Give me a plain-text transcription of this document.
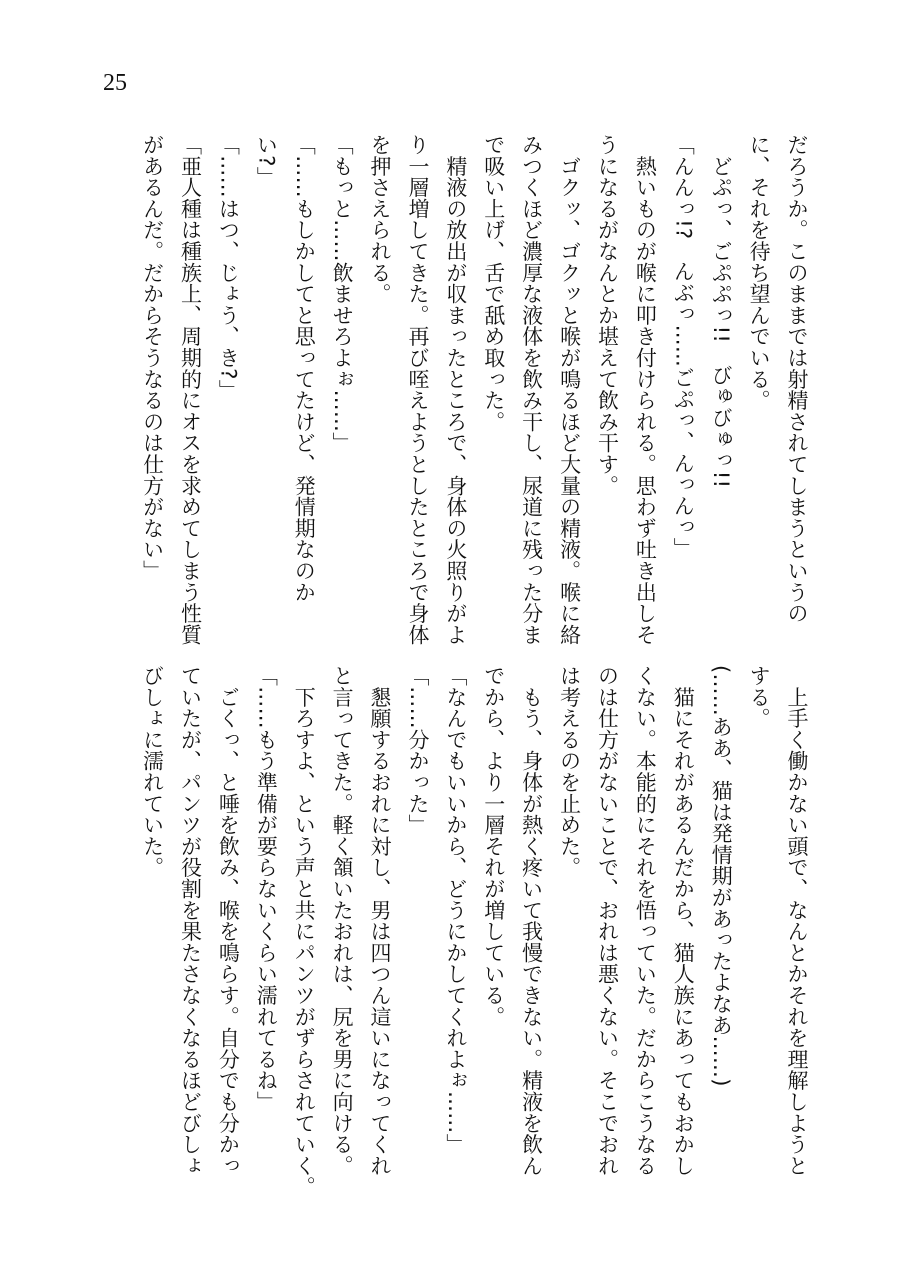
25
だろうか。このままでは射精されてしまうというの
に、それを待ち望んでいる。
　どぷっ、ごぷぷっ!!　びゅびゅっ!!
「んんっ!?　んぶっ……ごぷっ、んっんっ」
　熱いものが喉に叩き付けられる。思わず吐き出しそ
うになるがなんとか堪えて飲み干す。
　ゴクッ、ゴクッと喉が鳴るほど大量の精液。喉に絡
みつくほど濃厚な液体を飲み干し、尿道に残った分ま
で吸い上げ、舌で舐め取った。
　精液の放出が収まったところで、身体の火照りがよ
り一層増してきた。再び咥えようとしたところで身体
を押さえられる。
「もっと……飲ませろよぉ……」
「……もしかしてと思ってたけど、発情期なのか
い?」
「……はつ、じょう、き?」
「亜人種は種族上、周期的にオスを求めてしまう性質
があるんだ。だからそうなるのは仕方がない」
　上手く働かない頭で、なんとかそれを理解しようと
する。
(……ああ、猫は発情期があったよなあ……)
　猫にそれがあるんだから、猫人族にあってもおかし
くない。本能的にそれを悟っていた。だからこうなる
のは仕方がないことで、おれは悪くない。そこでおれ
は考えるのを止めた。
　もう、身体が熱く疼いて我慢できない。精液を飲ん
でから、より一層それが増している。
「なんでもいいから、どうにかしてくれよぉ……」
「……分かった」
　懇願するおれに対し、男は四つん這いになってくれ
と言ってきた。軽く頷いたおれは、尻を男に向ける。
　下ろすよ、という声と共にパンツがずらされていく。
「……もう準備が要らないくらい濡れてるね」
　ごくっ、と唾を飲み、喉を鳴らす。自分でも分かっ
ていたが、パンツが役割を果たさなくなるほどびしょ
びしょに濡れていた。
